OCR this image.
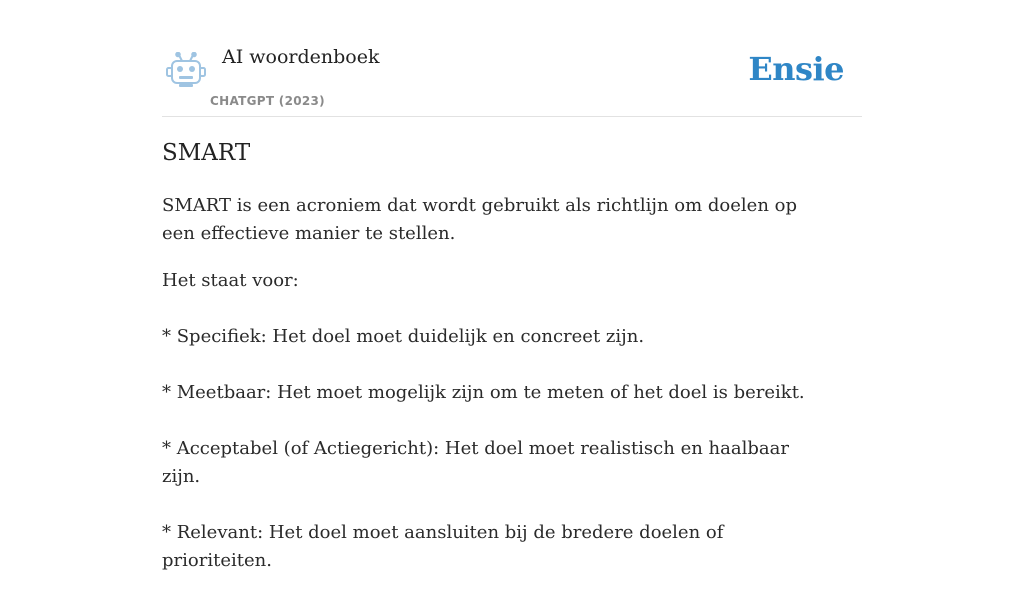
AI woordenboek
CHATGPT (2023)
Ensie
SMART

SMART is een acroniem dat wordt gebruikt als richtlijn om doelen op een effectieve manier te stellen.

Het staat voor:

* Specifiek: Het doel moet duidelijk en concreet zijn.

* Meetbaar: Het moet mogelijk zijn om te meten of het doel is bereikt.

* Acceptabel (of Actiegericht): Het doel moet realistisch en haalbaar zijn.

* Relevant: Het doel moet aansluiten bij de bredere doelen of prioriteiten.
